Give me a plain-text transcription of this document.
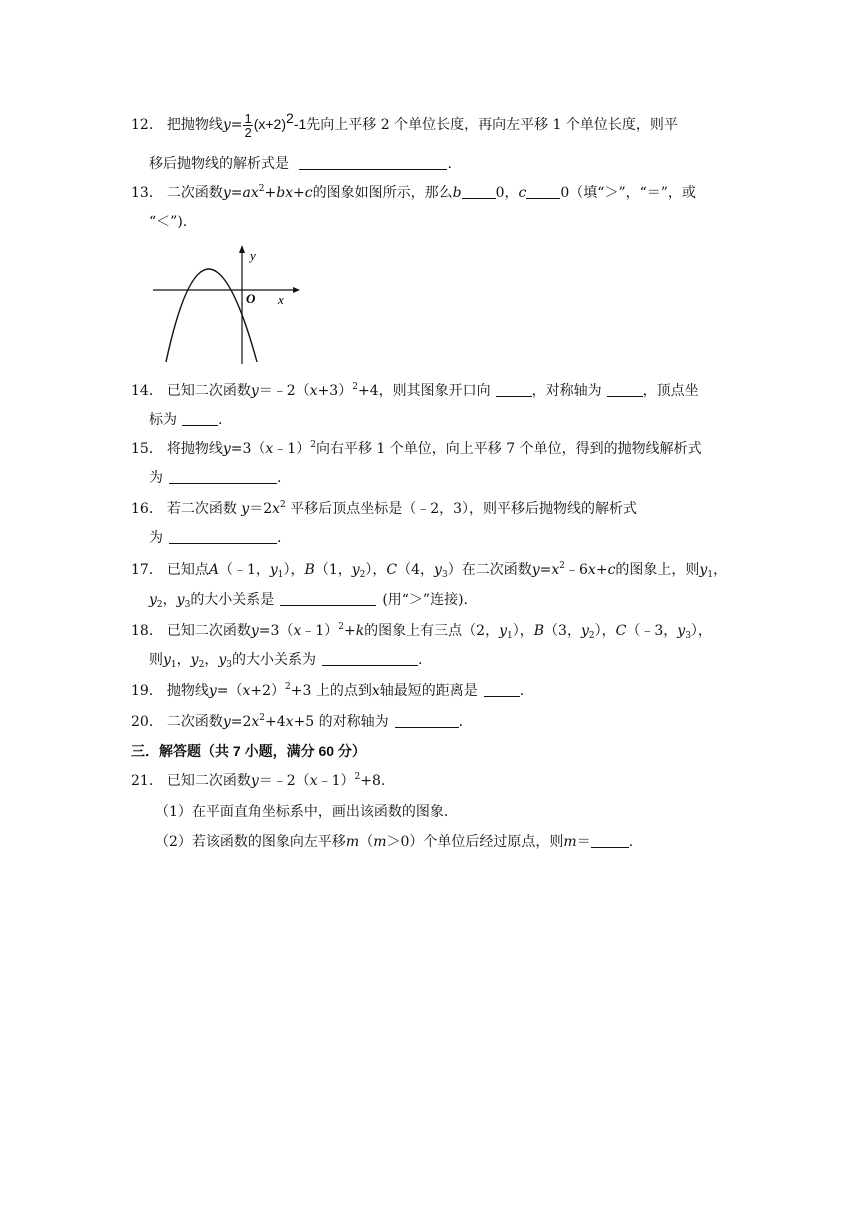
12． 把抛物线$y= \frac{1}{2} (x+2)^2-1$先向上平移 2 个单位长度，再向左平移 1 个单位长度，则平
移后抛物线的解析式是	.
13． 二次函数$y=ax^2+bx+c$的图象如图所示，那么b 0，c 0（填“＞”，“＝”，或
“＜”).
y
x
O
14． 已知二次函数$y=﹣2(x+3)^2+4$，则其图象开口向	，对称轴为	，顶点坐
标为	.
15． 将抛物线y=3（x﹣1）$^2$向右平移 1 个单位，向上平移 7 个单位，得到的抛物线解析式
为	.
16． 若二次函数 $y=2x^2$ 平移后顶点坐标是（﹣2，3），则平移后抛物线的解析式
为	.
17． 已知点A（﹣1，$y_1$），B（1，$y_2$），C（4，$y_3$）在二次函数$y=x^2﹣6x+c$的图象上，则$y_1$，
$y_2$，$y_3$的大小关系是	(用“＞”连接).
18． 已知二次函数y=3（x﹣1）$^2$+k的图象上有三点（2，$y_1$），B（3，$y_2$），C（﹣3，$y_3$），
则$y_1$，$y_2$，$y_3$的大小关系为	.
19． 抛物线$y=(x+2)^2+3$ 上的点到x轴最短的距离是	.
20． 二次函数$y=2x^2+4x+5$ 的对称轴为	.
三．解答题（共 7 小题，满分 60 分）
21． 已知二次函数y＝﹣2（x﹣1）$^2$+8.
（1）在平面直角坐标系中，画出该函数的图象.
（2）若该函数的图象向左平移m（m＞0）个单位后经过原点，则m＝	.
